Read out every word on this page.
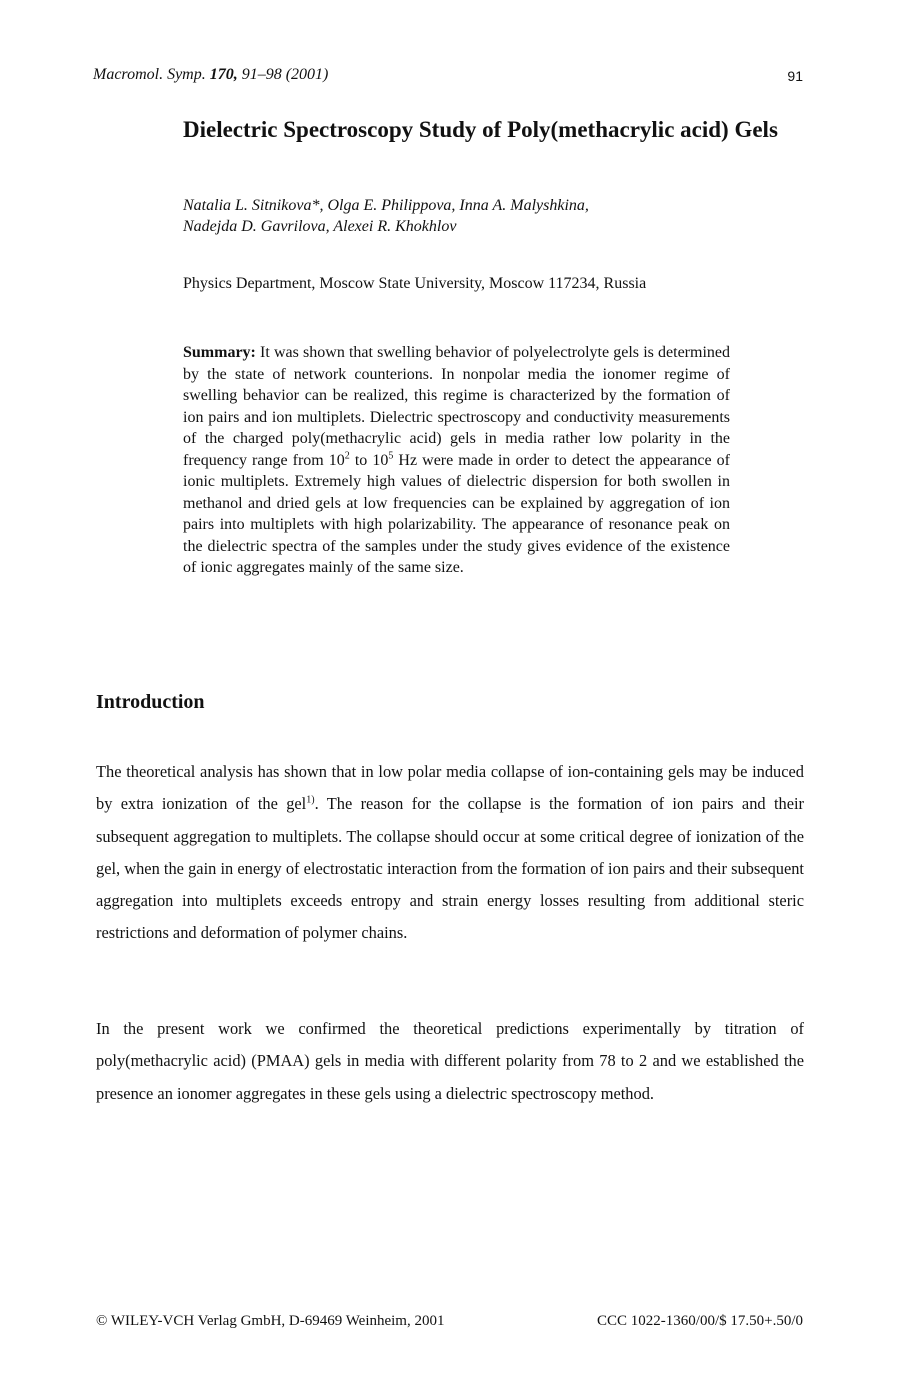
Macromol. Symp. 170, 91–98 (2001)	91
Dielectric Spectroscopy Study of Poly(methacrylic acid) Gels
Natalia L. Sitnikova*, Olga E. Philippova, Inna A. Malyshkina,
Nadejda D. Gavrilova, Alexei R. Khokhlov
Physics Department, Moscow State University, Moscow 117234, Russia
Summary: It was shown that swelling behavior of polyelectrolyte gels is determined by the state of network counterions. In nonpolar media the ionomer regime of swelling behavior can be realized, this regime is characterized by the formation of ion pairs and ion multiplets. Dielectric spectroscopy and conductivity measurements of the charged poly(methacrylic acid) gels in media rather low polarity in the frequency range from $10^2$ to $10^5$ Hz were made in order to detect the appearance of ionic multiplets. Extremely high values of dielectric dispersion for both swollen in methanol and dried gels at low frequencies can be explained by aggregation of ion pairs into multiplets with high polarizability. The appearance of resonance peak on the dielectric spectra of the samples under the study gives evidence of the existence of ionic aggregates mainly of the same size.
Introduction
The theoretical analysis has shown that in low polar media collapse of ion-containing gels may be induced by extra ionization of the gel$^{1)}$. The reason for the collapse is the formation of ion pairs and their subsequent aggregation to multiplets. The collapse should occur at some critical degree of ionization of the gel, when the gain in energy of electrostatic interaction from the formation of ion pairs and their subsequent aggregation into multiplets exceeds entropy and strain energy losses resulting from additional steric restrictions and deformation of polymer chains.
In the present work we confirmed the theoretical predictions experimentally by titration of poly(methacrylic acid) (PMAA) gels in media with different polarity from 78 to 2 and we established the presence an ionomer aggregates in these gels using a dielectric spectroscopy method.
© WILEY-VCH Verlag GmbH, D-69469 Weinheim, 2001	CCC 1022-1360/00/$ 17.50+.50/0
